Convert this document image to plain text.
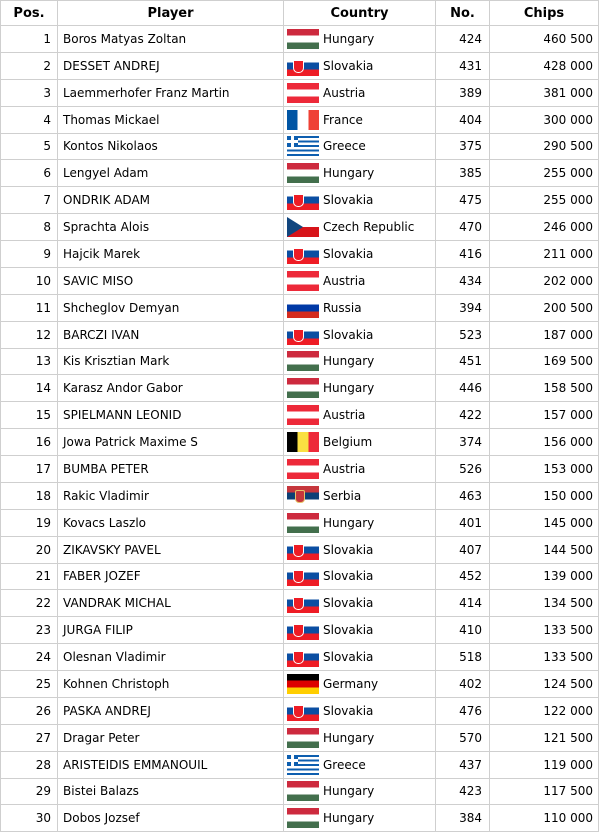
Pos.	Player	Country	No.	Chips
1	Boros Matyas Zoltan	Hungary	424	460 500
2	DESSET ANDREJ	Slovakia	431	428 000
3	Laemmerhofer Franz Martin	Austria	389	381 000
4	Thomas Mickael	France	404	300 000
5	Kontos Nikolaos	Greece	375	290 500
6	Lengyel Adam	Hungary	385	255 000
7	ONDRIK ADAM	Slovakia	475	255 000
8	Sprachta Alois	Czech Republic	470	246 000
9	Hajcik Marek	Slovakia	416	211 000
10	SAVIC MISO	Austria	434	202 000
11	Shcheglov Demyan	Russia	394	200 500
12	BARCZI IVAN	Slovakia	523	187 000
13	Kis Krisztian Mark	Hungary	451	169 500
14	Karasz Andor Gabor	Hungary	446	158 500
15	SPIELMANN LEONID	Austria	422	157 000
16	Jowa Patrick Maxime S	Belgium	374	156 000
17	BUMBA PETER	Austria	526	153 000
18	Rakic Vladimir	Serbia	463	150 000
19	Kovacs Laszlo	Hungary	401	145 000
20	ZIKAVSKY PAVEL	Slovakia	407	144 500
21	FABER JOZEF	Slovakia	452	139 000
22	VANDRAK MICHAL	Slovakia	414	134 500
23	JURGA FILIP	Slovakia	410	133 500
24	Olesnan Vladimir	Slovakia	518	133 500
25	Kohnen Christoph	Germany	402	124 500
26	PASKA ANDREJ	Slovakia	476	122 000
27	Dragar Peter	Hungary	570	121 500
28	ARISTEIDIS EMMANOUIL	Greece	437	119 000
29	Bistei Balazs	Hungary	423	117 500
30	Dobos Jozsef	Hungary	384	110 000
